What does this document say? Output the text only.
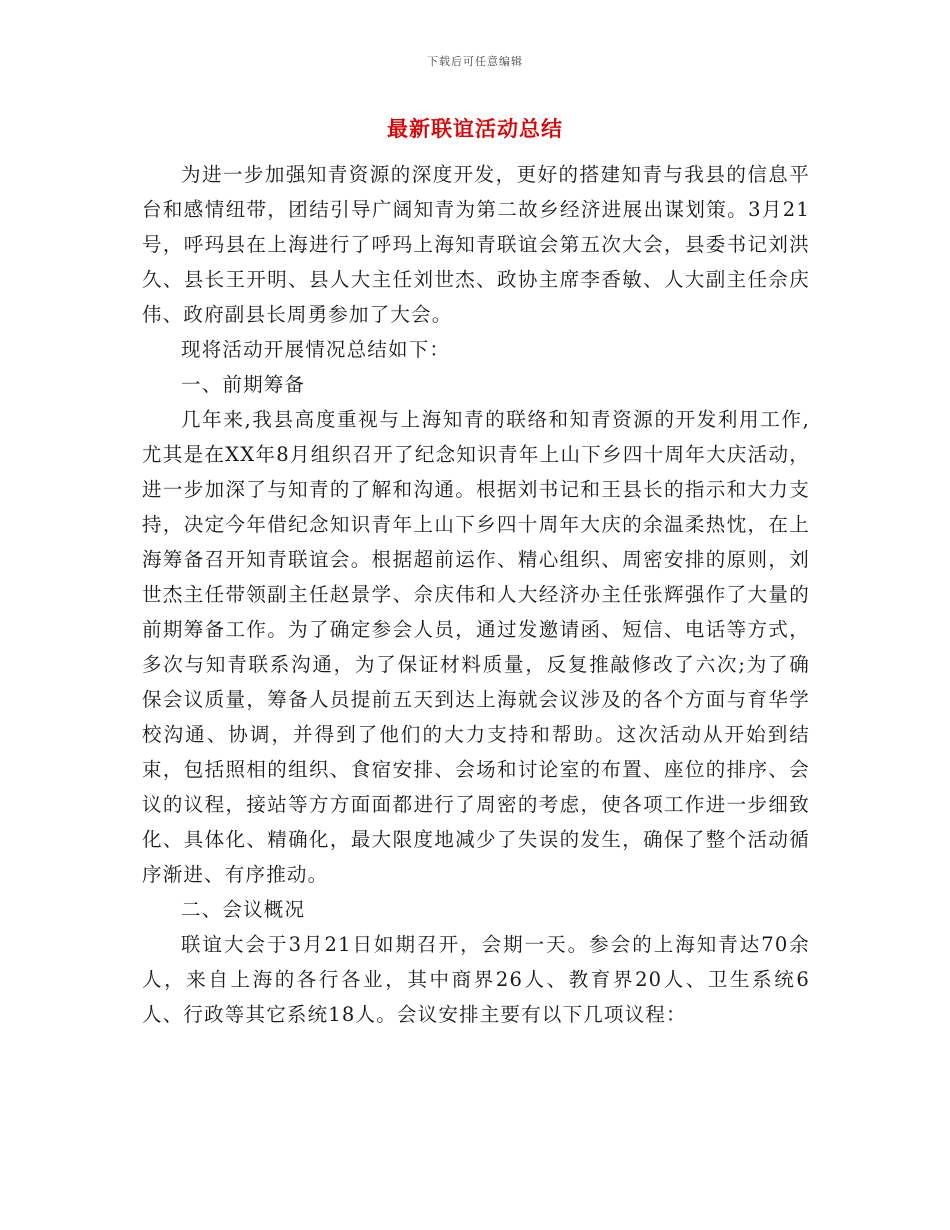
下载后可任意编辑
最新联谊活动总结

为进一步加强知青资源的深度开发，更好的搭建知青与我县的信息平台和感情纽带，团结引导广阔知青为第二故乡经济进展出谋划策。3月21号，呼玛县在上海进行了呼玛上海知青联谊会第五次大会，县委书记刘洪久、县长王开明、县人大主任刘世杰、政协主席李香敏、人大副主任佘庆伟、政府副县长周勇参加了大会。

现将活动开展情况总结如下：

一、前期筹备

几年来,我县高度重视与上海知青的联络和知青资源的开发利用工作,尤其是在XX年8月组织召开了纪念知识青年上山下乡四十周年大庆活动，进一步加深了与知青的了解和沟通。根据刘书记和王县长的指示和大力支持，决定今年借纪念知识青年上山下乡四十周年大庆的余温柔热忱，在上海筹备召开知青联谊会。根据超前运作、精心组织、周密安排的原则，刘世杰主任带领副主任赵景学、佘庆伟和人大经济办主任张辉强作了大量的前期筹备工作。为了确定参会人员，通过发邀请函、短信、电话等方式，多次与知青联系沟通，为了保证材料质量，反复推敲修改了六次;为了确保会议质量，筹备人员提前五天到达上海就会议涉及的各个方面与育华学校沟通、协调，并得到了他们的大力支持和帮助。这次活动从开始到结束，包括照相的组织、食宿安排、会场和讨论室的布置、座位的排序、会议的议程，接站等方方面面都进行了周密的考虑，使各项工作进一步细致化、具体化、精确化，最大限度地减少了失误的发生，确保了整个活动循序渐进、有序推动。

二、会议概况

联谊大会于3月21日如期召开，会期一天。参会的上海知青达70余人，来自上海的各行各业，其中商界26人、教育界20人、卫生系统6人、行政等其它系统18人。会议安排主要有以下几项议程：
